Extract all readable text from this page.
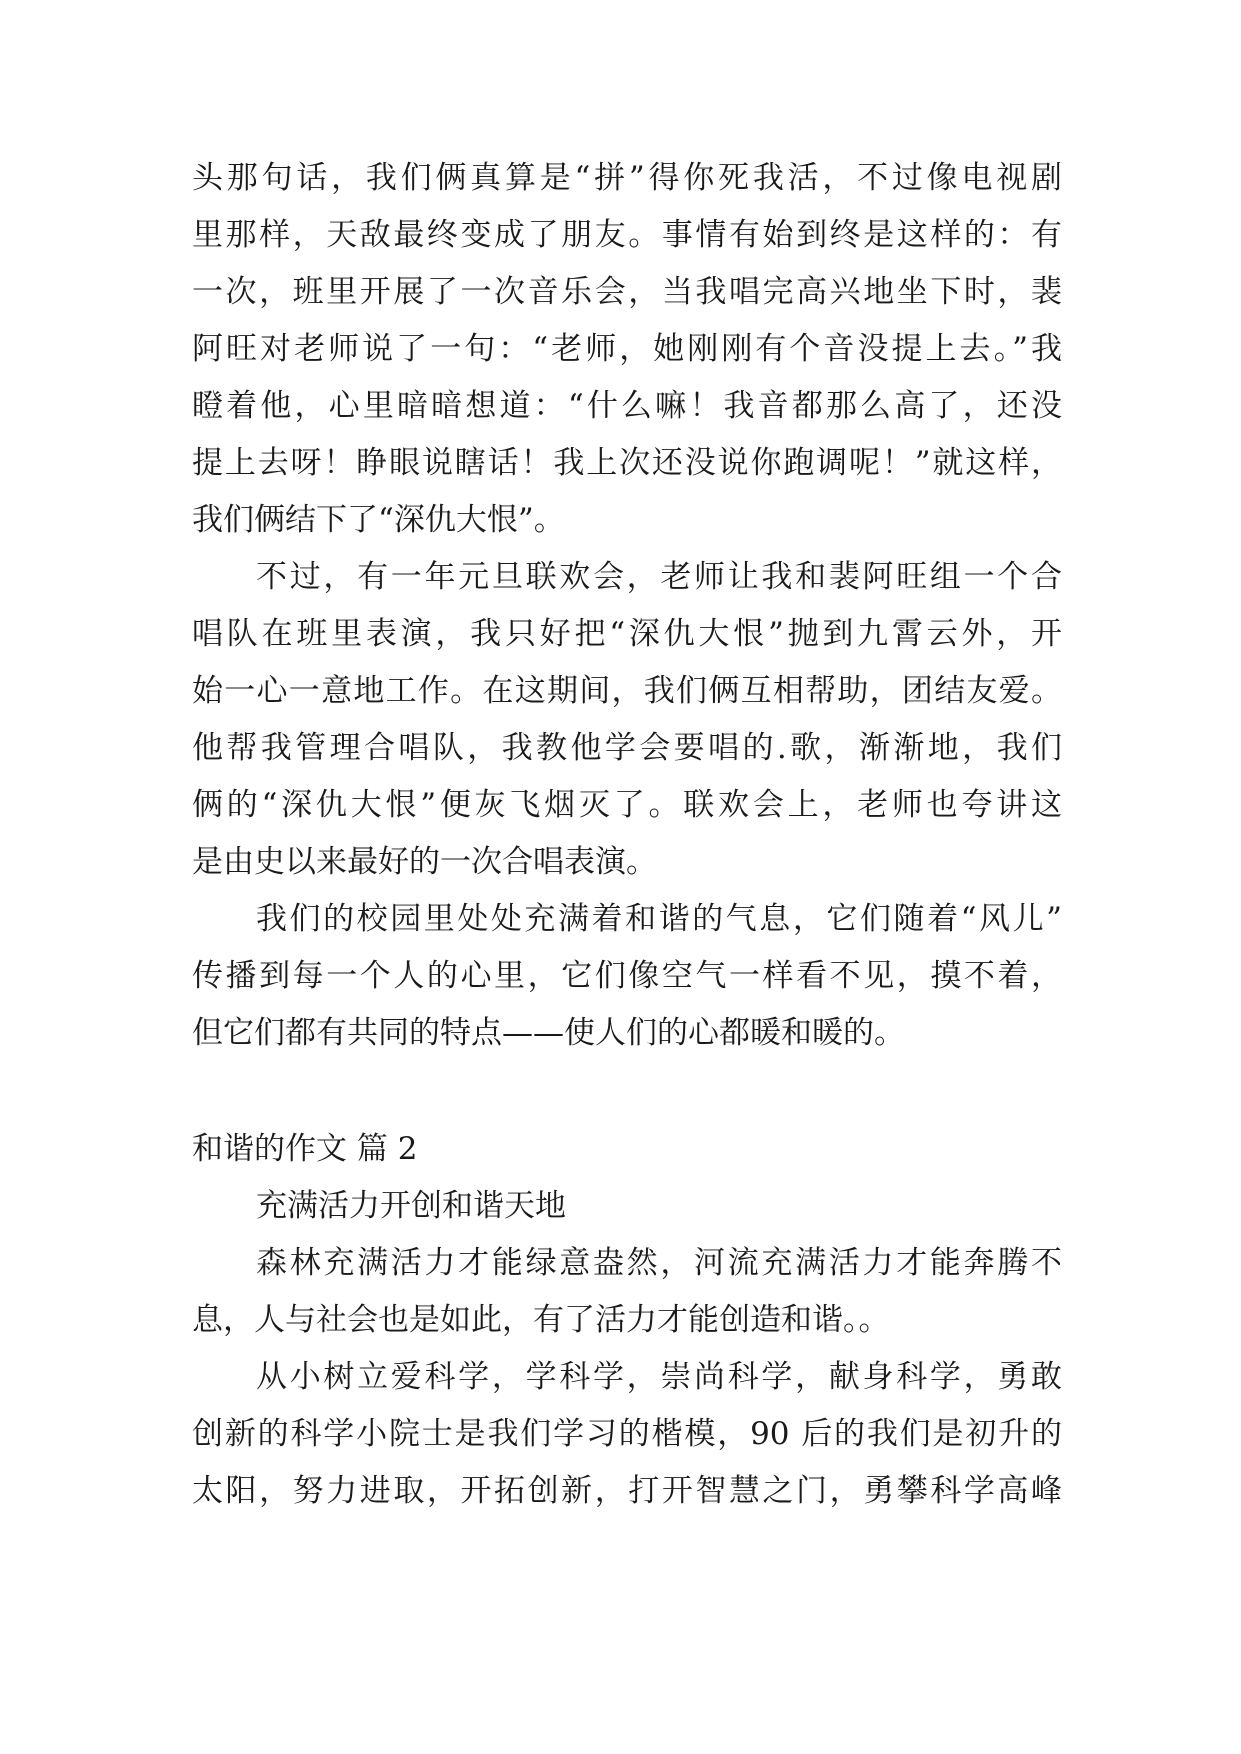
头那句话，我们俩真算是“拼”得你死我活，不过像电视剧
里那样，天敌最终变成了朋友。事情有始到终是这样的：有
一次，班里开展了一次音乐会，当我唱完高兴地坐下时，裴
阿旺对老师说了一句：“老师，她刚刚有个音没提上去。”我
瞪着他，心里暗暗想道：“什么嘛！我音都那么高了，还没
提上去呀！睁眼说瞎话！我上次还没说你跑调呢！”就这样，
我们俩结下了“深仇大恨”。
不过，有一年元旦联欢会，老师让我和裴阿旺组一个合
唱队在班里表演，我只好把“深仇大恨”抛到九霄云外，开
始一心一意地工作。在这期间，我们俩互相帮助，团结友爱。
他帮我管理合唱队，我教他学会要唱的.歌，渐渐地，我们
俩的“深仇大恨”便灰飞烟灭了。联欢会上，老师也夸讲这
是由史以来最好的一次合唱表演。
我们的校园里处处充满着和谐的气息，它们随着“风儿”
传播到每一个人的心里，它们像空气一样看不见，摸不着，
但它们都有共同的特点——使人们的心都暖和暖的。
和谐的作文 篇 2
充满活力开创和谐天地
森林充满活力才能绿意盎然，河流充满活力才能奔腾不
息，人与社会也是如此，有了活力才能创造和谐。。
从小树立爱科学，学科学，崇尚科学，献身科学，勇敢
创新的科学小院士是我们学习的楷模，90 后的我们是初升的
太阳，努力进取，开拓创新，打开智慧之门，勇攀科学高峰
